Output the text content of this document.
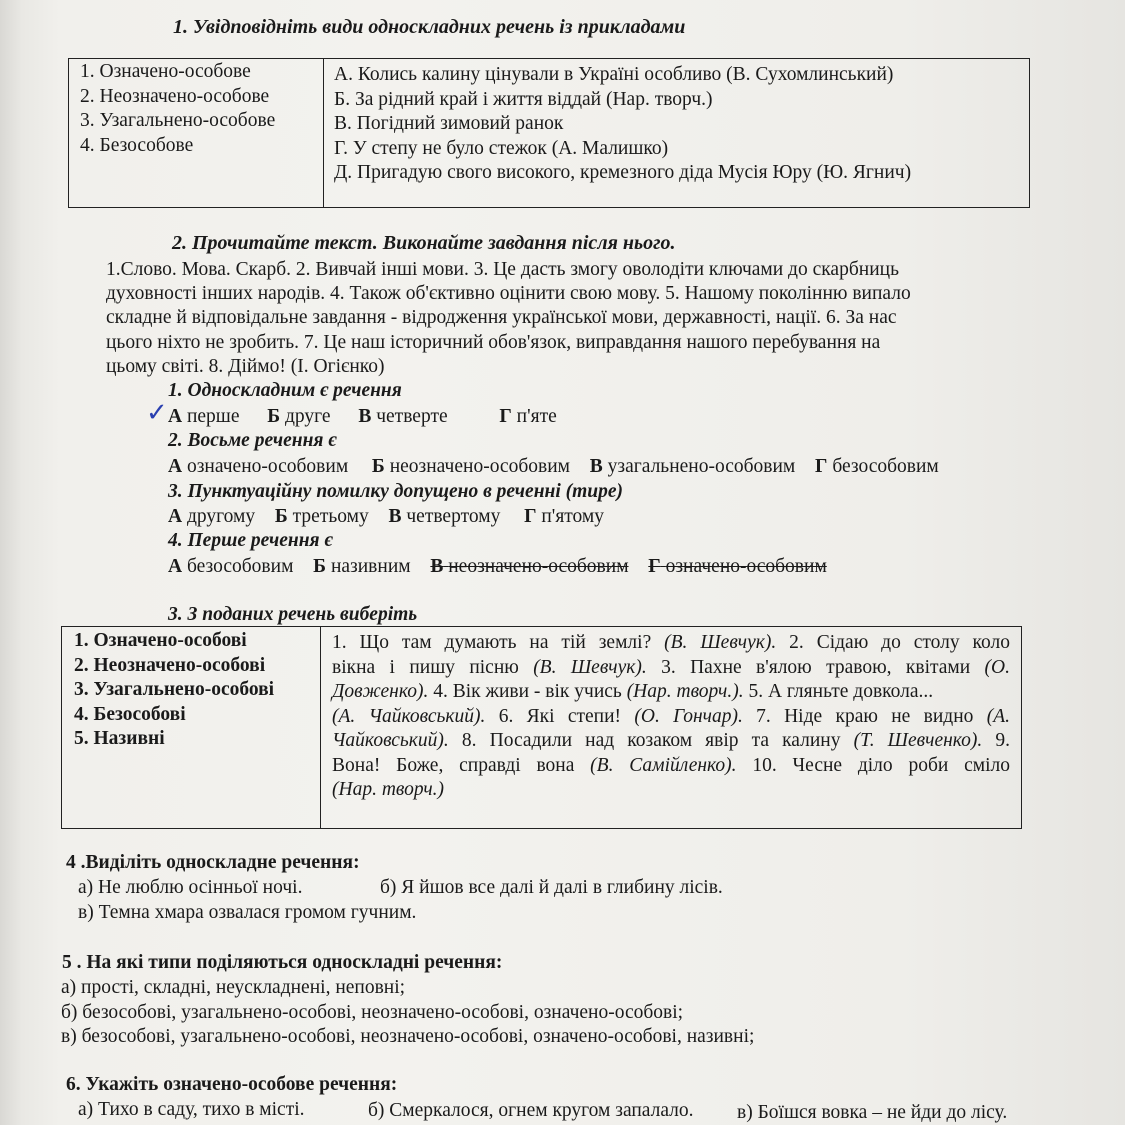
1. Увідповідніть види односкладних речень із прикладами
1. Означено-особове
2. Неозначено-особове
3. Узагальнено-особове
4. Безособове
А. Колись калину цінували в Україні особливо (В. Сухомлинський)
Б. За рідний край і життя віддай (Нар. творч.)
В. Погідний зимовий ранок
Г. У степу не було стежок (А. Малишко)
Д. Пригадую свого високого, кремезного діда Мусія Юру (Ю. Ягнич)
2. Прочитайте текст. Виконайте завдання після нього.
1.Слово. Мова. Скарб. 2. Вивчай інші мови. 3. Це дасть змогу оволодіти ключами до скарбниць
духовності інших народів. 4. Також об'єктивно оцінити свою мову. 5. Нашому поколінню випало
складне й відповідальне завдання - відродження української мови, державності, нації. 6. За нас
цього ніхто не зробить. 7. Це наш історичний обов'язок, виправдання нашого перебування на
цьому світі. 8. Діймо! (І. Огієнко)
1. Односкладним є речення
✓ А перше Б друге В четверте	Г п'яте
2. Восьме речення є
А означено-особовим Б неозначено-особовим В узагальнено-особовим Г безособовим
3. Пунктуаційну помилку допущено в реченні (тире)
А другому Б третьому В четвертому Г п'ятому
4. Перше речення є
А безособовим Б називним В неозначено-особовим Г означено-особовим
3. З поданих речень виберіть
1. Означено-особові
2. Неозначено-особові
3. Узагальнено-особові
4. Безособові
5. Називні
1. Що там думають на тій землі? (В. Шевчук). 2. Сідаю до столу коло
вікна і пишу пісню (В. Шевчук). 3. Пахне в'ялою травою, квітами (О.
Довженко). 4. Вік живи - вік учись (Нар. творч.). 5. А гляньте довкола...
(А. Чайковський). 6. Які степи! (О. Гончар). 7. Ніде краю не видно (А.
Чайковський). 8. Посадили над козаком явір та калину (Т. Шевченко). 9.
Вона! Боже, справді вона (В. Самійленко). 10. Чесне діло роби сміло
(Нар. творч.)
4 .Виділіть односкладне речення:
а) Не люблю осінньої ночі.	б) Я йшов все далі й далі в глибину лісів.
в) Темна хмара озвалася громом гучним.
5 . На які типи поділяються односкладні речення:
а) прості, складні, неускладнені, неповні;
б) безособові, узагальнено-особові, неозначено-особові, означено-особові;
в) безособові, узагальнено-особові, неозначено-особові, означено-особові, називні;
6. Укажіть означено-особове речення:
а) Тихо в саду, тихо в місті.	б) Смеркалося, огнем кругом запалало. в) Боїшся вовка – не йди до лісу.
